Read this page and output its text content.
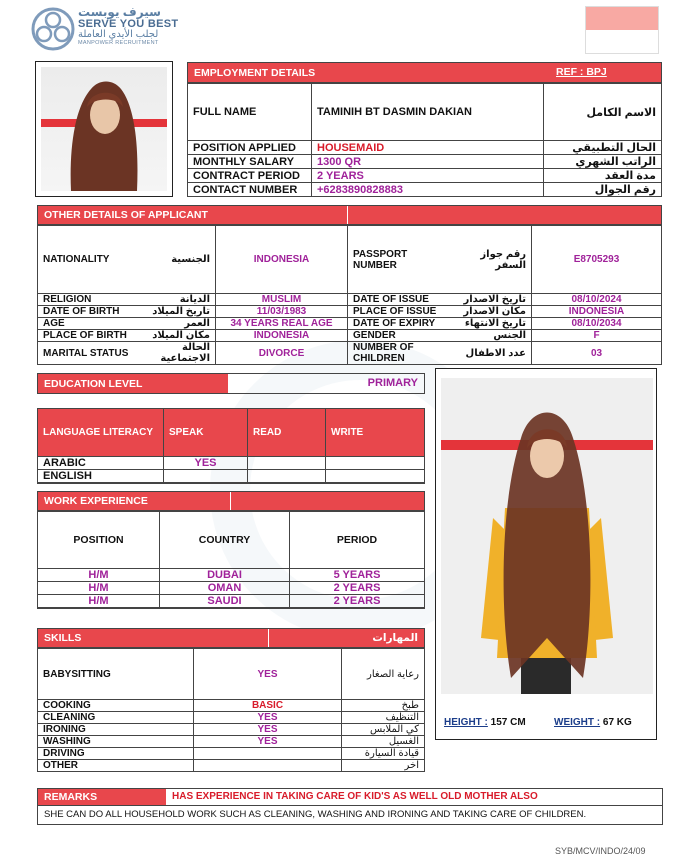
سيرف يوبست
SERVE YOU BEST
لجلب الأيدي العاملة
MANPOWER RECRUITMENT
EMPLOYMENT DETAILS	REF : BPJ
FULL NAME	TAMINIH BT DASMIN DAKIAN	الاسم الكامل
POSITION APPLIED	HOUSEMAID	الحال التطبيقي
MONTHLY SALARY	1300 QR	الراتب الشهري
CONTRACT PERIOD	2 YEARS	مدة العقد
CONTACT NUMBER	+6283890828883	رقم الجوال
OTHER DETAILS OF APPLICANT
NATIONALITY	الجنسية	INDONESIA	PASSPORT NUMBER	رقم جواز السفر	E8705293
RELIGION	الديانة	MUSLIM	DATE OF ISSUE	تاريخ الاصدار	08/10/2024
DATE OF BIRTH	تاريخ الميلاد	11/03/1983	PLACE OF ISSUE	مكان الاصدار	INDONESIA
AGE	العمر	34 YEARS REAL AGE	DATE OF EXPIRY	تاريخ الانتهاء	08/10/2034
PLACE OF BIRTH	مكان الميلاد	INDONESIA	GENDER	الجنس	F
MARITAL STATUS	الحالة الاجتماعية	DIVORCE	NUMBER OF CHILDREN	عدد الاطفال	03
EDUCATION LEVEL	PRIMARY
LANGUAGE LITERACY	SPEAK	READ	WRITE
ARABIC	YES		
ENGLISH			

WORK EXPERIENCE
POSITION	COUNTRY	PERIOD
H/M	DUBAI	5 YEARS
H/M	OMAN	2 YEARS
H/M	SAUDI	2 YEARS

HEIGHT : 157 CM	WEIGHT : 67 KG
SKILLS	المهارات
BABYSITTING	YES	رعاية الصغار
COOKING	BASIC	طبخ
CLEANING	YES	التنظيف
IRONING	YES	كي الملابس
WASHING	YES	الغسيل
DRIVING		قيادة السيارة
OTHER		اخر
REMARKS	HAS EXPERIENCE IN TAKING CARE OF KID'S AS WELL OLD MOTHER ALSO
SHE CAN DO ALL HOUSEHOLD WORK SUCH AS CLEANING, WASHING AND IRONING AND TAKING CARE OF CHILDREN.
SYB/MCV/INDO/24/09
